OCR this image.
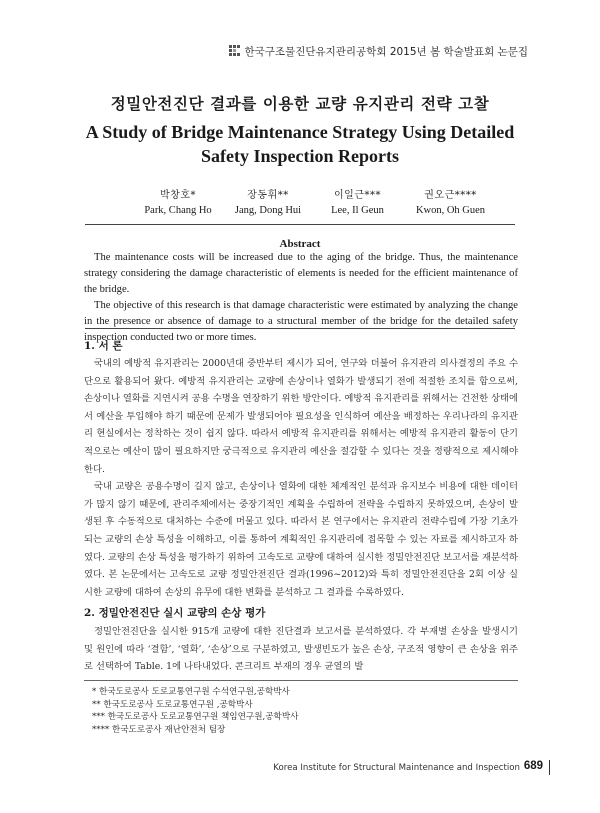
한국구조물진단유지관리공학회 2015년 봄 학술발표회 논문집
정밀안전진단 결과를 이용한 교량 유지관리 전략 고찰
A Study of Bridge Maintenance Strategy Using Detailed
Safety Inspection Reports
박창호*
Park, Chang Ho
장동휘**
Jang, Dong Hui
이일근***
Lee, Il Geun
권오근****
Kwon, Oh Guen
Abstract

The maintenance costs will be increased due to the aging of the bridge. Thus, the maintenance strategy considering the damage characteristic of elements is needed for the efficient maintenance of the bridge.

The objective of this research is that damage characteristic were estimated by analyzing the change in the presence or absence of damage to a structural member of the bridge for the detailed safety inspection conducted two or more times.

1. 서 론

국내의 예방적 유지관리는 2000년대 중반부터 제시가 되어, 연구와 더불어 유지관리 의사결정의 주요 수단으로 활용되어 왔다. 예방적 유지관리는 교량에 손상이나 열화가 발생되기 전에 적절한 조치를 함으로써, 손상이나 열화를 지연시켜 공용 수명을 연장하기 위한 방안이다. 예방적 유지관리를 위해서는 건전한 상태에서 예산을 투입해야 하기 때문에 문제가 발생되어야 필요성을 인식하여 예산을 배정하는 우리나라의 유지관리 현실에서는 정착하는 것이 쉽지 않다. 따라서 예방적 유지관리를 위해서는 예방적 유지관리 활동이 단기적으로는 예산이 많이 필요하지만 궁극적으로 유지관리 예산을 절감할 수 있다는 것을 정량적으로 제시해야 한다.

국내 교량은 공용수명이 길지 않고, 손상이나 열화에 대한 체계적인 분석과 유지보수 비용에 대한 데이터가 많지 않기 때문에, 관리주체에서는 중장기적인 계획을 수립하여 전략을 수립하지 못하였으며, 손상이 발생된 후 수동적으로 대처하는 수준에 머물고 있다. 따라서 본 연구에서는 유지관리 전략수립에 가장 기초가 되는 교량의 손상 특성을 이해하고, 이를 통하여 계획적인 유지관리에 접목할 수 있는 자료를 제시하고자 하였다. 교량의 손상 특성을 평가하기 위하여 고속도로 교량에 대하여 실시한 정밀안전진단 보고서를 재분석하였다. 본 논문에서는 고속도로 교량 정밀안전진단 결과(1996~2012)와 특히 정밀안전진단을 2회 이상 실시한 교량에 대하여 손상의 유무에 대한 변화를 분석하고 그 결과를 수록하였다.

2. 정밀안전진단 실시 교량의 손상 평가

정밀안전진단을 실시한 915개 교량에 대한 진단결과 보고서를 분석하였다. 각 부재별 손상을 발생시기 및 원인에 따라 ‘결함’, ‘열화’, ‘손상’으로 구분하였고, 발생빈도가 높은 손상, 구조적 영향이 큰 손상을 위주로 선택하여 Table. 1에 나타내었다. 콘크리트 부재의 경우 균열의 발

* 한국도로공사 도로교통연구원 수석연구원,공학박사
** 한국도로공사 도로교통연구원 ,공학박사
*** 한국도로공사 도로교통연구원 책임연구원,공학박사
**** 한국도로공사 재난안전처 팀장
Korea Institute for Structural Maintenance and Inspection 689
